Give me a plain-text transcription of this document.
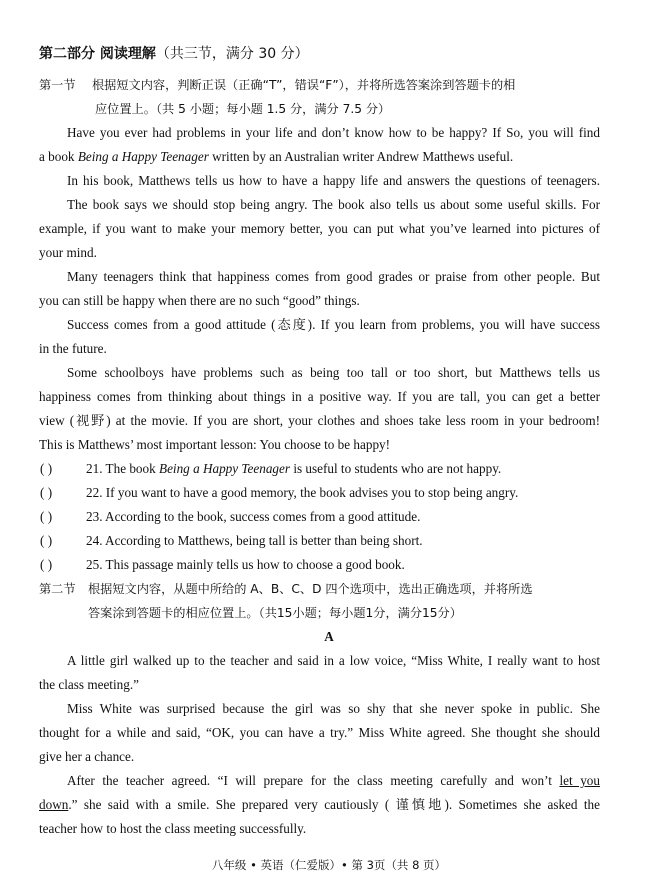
第二部分 阅读理解（共三节，满分 30 分）
第一节 根据短文内容，判断正误（正确“T”，错误“F”），并将所选答案涂到答题卡的相
应位置上。（共 5 小题；每小题 1.5 分，满分 7.5 分）
Have you ever had problems in your life and don’t know how to be happy? If So, you will find
a book Being a Happy Teenager written by an Australian writer Andrew Matthews useful.
In his book, Matthews tells us how to have a happy life and answers the questions of teenagers.
The book says we should stop being angry. The book also tells us about some useful skills. For
example, if you want to make your memory better, you can put what you’ve learned into pictures of
your mind.
Many teenagers think that happiness comes from good grades or praise from other people. But
you can still be happy when there are no such “good” things.
Success comes from a good attitude (态度). If you learn from problems, you will have success
in the future.
Some schoolboys have problems such as being too tall or too short, but Matthews tells us
happiness comes from thinking about things in a positive way. If you are tall, you can get a better
view (视野) at the movie. If you are short, your clothes and shoes take less room in your bedroom!
This is Matthews’ most important lesson: You choose to be happy!
( )	21. The book Being a Happy Teenager is useful to students who are not happy.
( )	22. If you want to have a good memory, the book advises you to stop being angry.
( )	23. According to the book, success comes from a good attitude.
( )	24. According to Matthews, being tall is better than being short.
( )	25. This passage mainly tells us how to choose a good book.
第二节 根据短文内容，从题中所给的 A、B、C、D 四个选项中，选出正确选项，并将所选
答案涂到答题卡的相应位置上。（共15小题；每小题1分，满分15分）
A
A little girl walked up to the teacher and said in a low voice, “Miss White, I really want to host
the class meeting.”
Miss White was surprised because the girl was so shy that she never spoke in public. She
thought for a while and said, “OK, you can have a try.” Miss White agreed. She thought she should
give her a chance.
After the teacher agreed. “I will prepare for the class meeting carefully and won’t let you
down.” she said with a smile. She prepared very cautiously ( 谨慎地). Sometimes she asked the
teacher how to host the class meeting successfully.
八年级 • 英语（仁爱版）• 第 3页（共 8 页）
